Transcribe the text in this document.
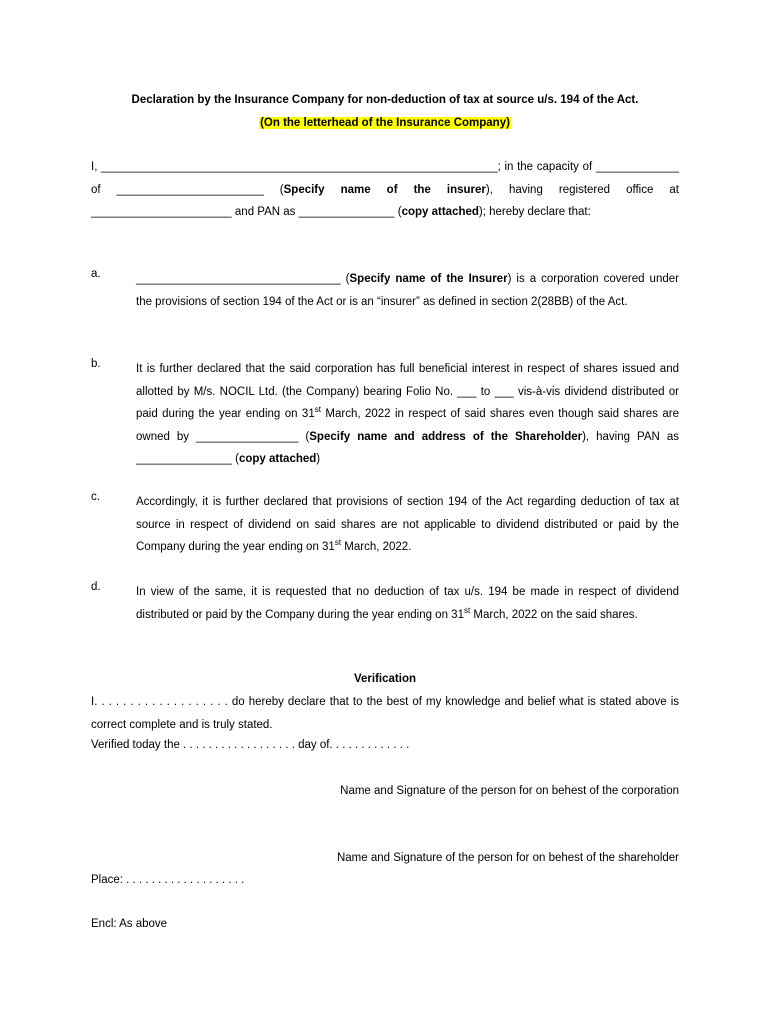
Declaration by the Insurance Company for non-deduction of tax at source u/s. 194 of the Act.
(On the letterhead of the Insurance Company)
I, ______________________________________________________________; in the capacity of _____________ of _______________________ (Specify name of the insurer), having registered office at ______________________ and PAN as _______________ (copy attached); hereby declare that:
a.	________________________________ (Specify name of the Insurer) is a corporation covered under the provisions of section 194 of the Act or is an “insurer” as defined in section 2(28BB) of the Act.
b.	It is further declared that the said corporation has full beneficial interest in respect of shares issued and allotted by M/s. NOCIL Ltd. (the Company) bearing Folio No. ___ to ___ vis-à-vis dividend distributed or paid during the year ending on 31st March, 2022 in respect of said shares even though said shares are owned by ________________ (Specify name and address of the Shareholder), having PAN as _______________ (copy attached)
c.	Accordingly, it is further declared that provisions of section 194 of the Act regarding deduction of tax at source in respect of dividend on said shares are not applicable to dividend distributed or paid by the Company during the year ending on 31st March, 2022.
d.	In view of the same, it is requested that no deduction of tax u/s. 194 be made in respect of dividend distributed or paid by the Company during the year ending on 31st March, 2022 on the said shares.
Verification
I. . . . . . . . . . . . . . . . . . . do hereby declare that to the best of my knowledge and belief what is stated above is correct complete and is truly stated.
Verified today the . . . . . . . . . . . . . . . . . . day of. . . . . . . . . . . . .
Name and Signature of the person for on behest of the corporation
Name and Signature of the person for on behest of the shareholder
Place: . . . . . . . . . . . . . . . . . . .
Encl: As above
